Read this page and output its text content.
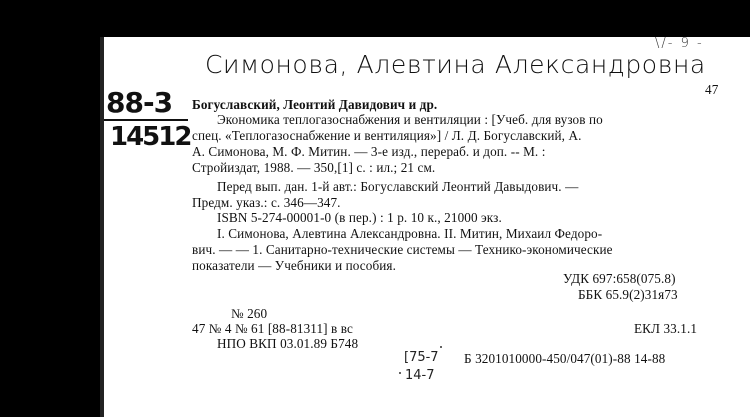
\/- 9 -
Симонова, Алевтина Александровна
88-3
14512
47
Богуславский, Леонтий Давидович и др.
Экономика теплогазоснабжения и вентиляции : [Учеб. для вузов по
спец. «Теплогазоснабжение и вентиляция»] / Л. Д. Богуславский, А.
А. Симонова, М. Ф. Митин. — 3-е изд., перераб. и доп. -- М. :
Стройиздат, 1988. — 350,[1] с. : ил.; 21 см.
Перед вып. дан. 1-й авт.: Богуславский Леонтий Давыдович. —
Предм. указ.: с. 346—347.
ISBN 5-274-00001-0 (в пер.) : 1 р. 10 к., 21000 экз.
I. Симонова, Алевтина Александровна. II. Митин, Михаил Федоро-
вич. — — 1. Санитарно-технические системы — Технико-экономические
показатели — Учебники и пособия.
УДК 697:658(075.8)
ББК 65.9(2)31я73
№ 260
47 № 4 № 61 [88-81311] в вс	ЕКЛ 33.1.1
НПО ВКП 03.01.89 Б748
[75-7
14-7
Б 3201010000-450/047(01)-88 14-88
